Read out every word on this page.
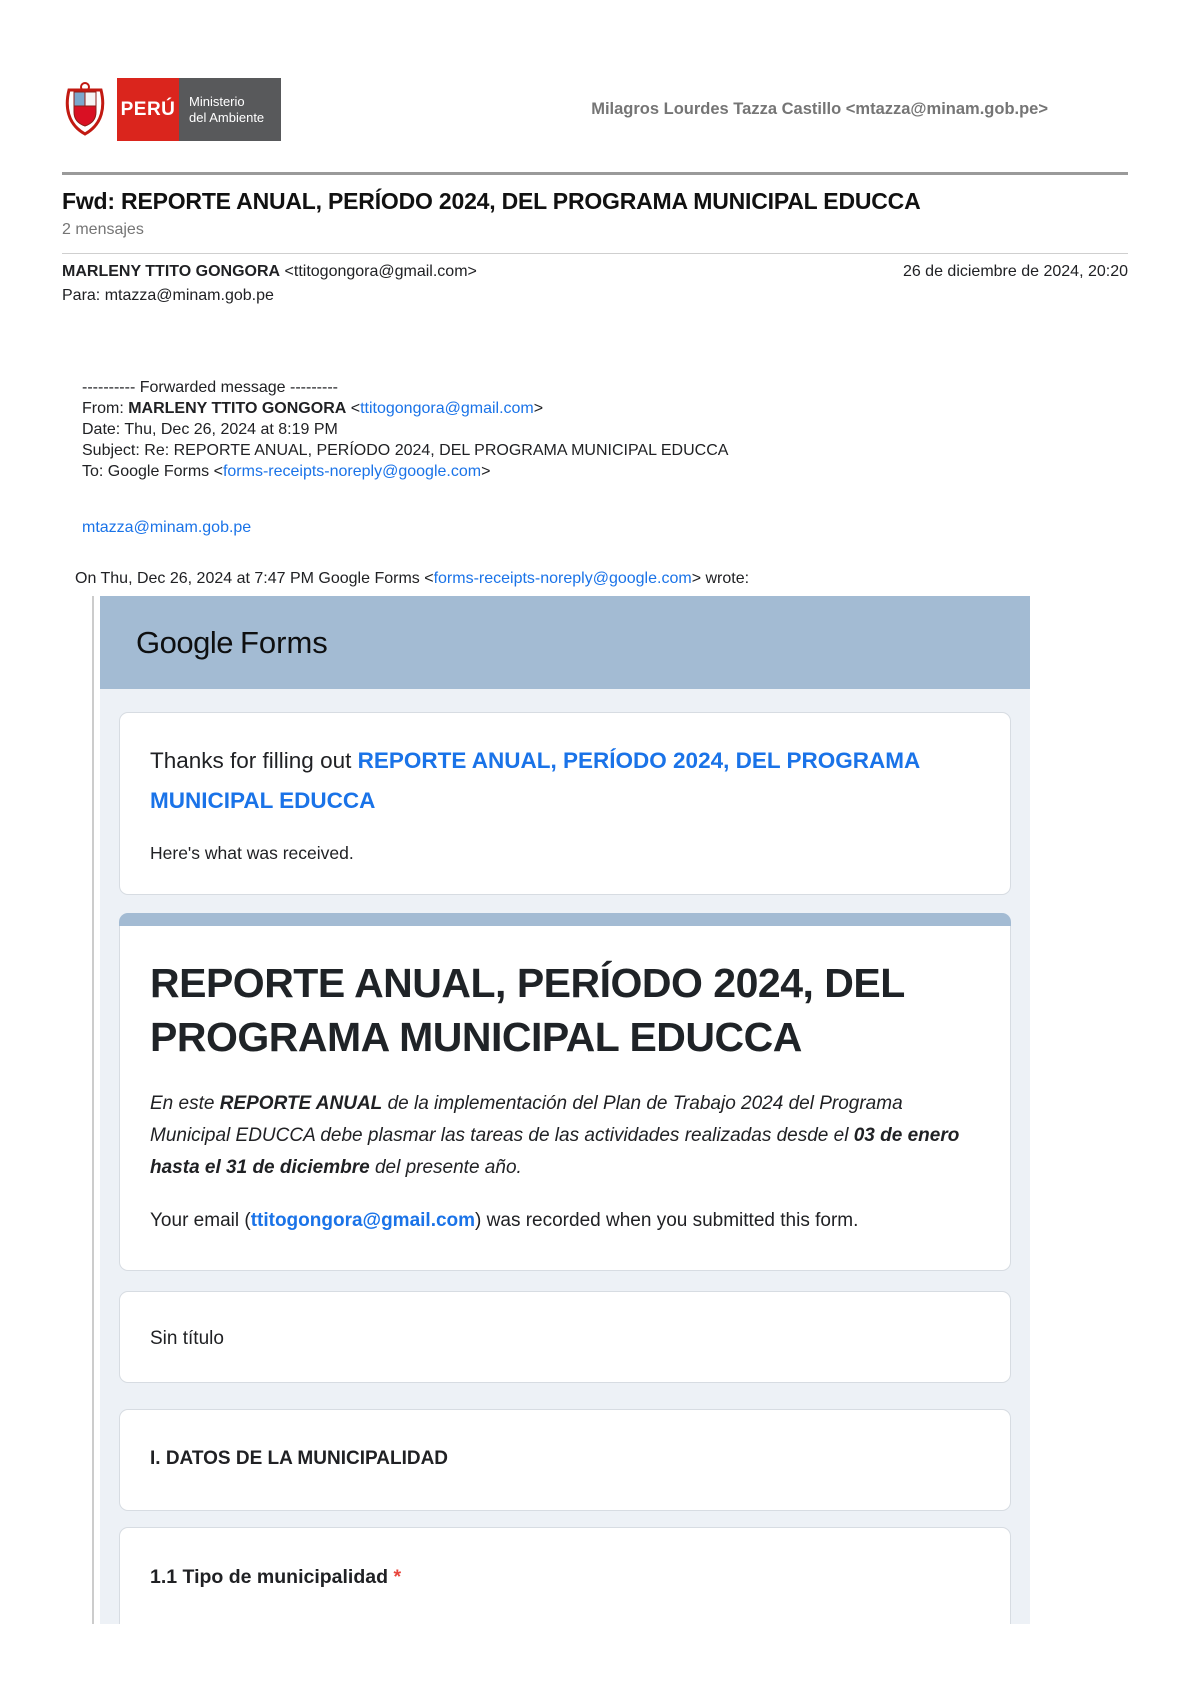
PERÚ Ministerio
del Ambiente	Milagros Lourdes Tazza Castillo <mtazza@minam.gob.pe>
Fwd: REPORTE ANUAL, PERÍODO 2024, DEL PROGRAMA MUNICIPAL EDUCCA
2 mensajes
MARLENY TTITO GONGORA <ttitogongora@gmail.com>	26 de diciembre de 2024, 20:20
Para: mtazza@minam.gob.pe
---------- Forwarded message ---------
From: MARLENY TTITO GONGORA <ttitogongora@gmail.com>
Date: Thu, Dec 26, 2024 at 8:19 PM
Subject: Re: REPORTE ANUAL, PERÍODO 2024, DEL PROGRAMA MUNICIPAL EDUCCA
To: Google Forms <forms-receipts-noreply@google.com>
mtazza@minam.gob.pe
On Thu, Dec 26, 2024 at 7:47 PM Google Forms <forms-receipts-noreply@google.com> wrote:
Google Forms
Thanks for filling out REPORTE ANUAL, PERÍODO 2024, DEL PROGRAMA MUNICIPAL EDUCCA
Here's what was received.
REPORTE ANUAL, PERÍODO 2024, DEL PROGRAMA MUNICIPAL EDUCCA
En este REPORTE ANUAL de la implementación del Plan de Trabajo 2024 del Programa Municipal EDUCCA debe plasmar las tareas de las actividades realizadas desde el 03 de enero hasta el 31 de diciembre del presente año.
Your email (ttitogongora@gmail.com) was recorded when you submitted this form.
Sin título
I. DATOS DE LA MUNICIPALIDAD
1.1 Tipo de municipalidad *
